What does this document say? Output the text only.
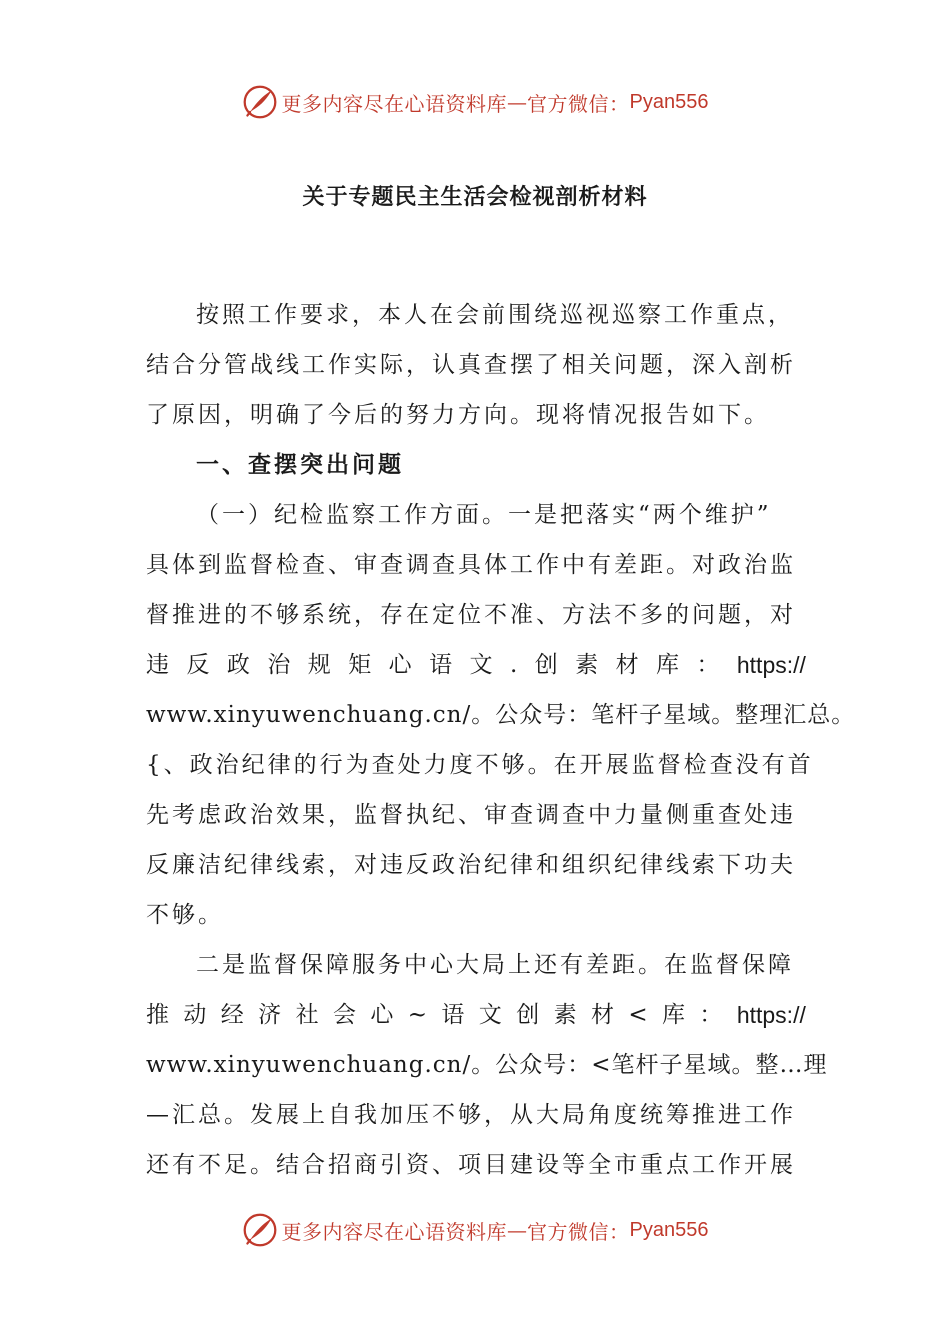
更多内容尽在心语资料库 — 官方微信： Pyan556
关于专题民主生活会检视剖析材料
按照工作要求，本人在会前围绕巡视巡察工作重点，
结合分管战线工作实际，认真查摆了相关问题，深入剖析
了原因，明确了今后的努力方向。现将情况报告如下。
一、查摆突出问题
（一）纪检监察工作方面。一是把落实“两个维护”
具体到监督检查、审查调查具体工作中有差距。对政治监
督推进的不够系统，存在定位不准、方法不多的问题，对
违 反 政 治 规 矩 心 语 文 . 创 素 材 库 ： https://
www.xinyuwenchuang.cn/。公众号：笔杆子星域。整理汇总。
{、政治纪律的行为查处力度不够。在开展监督检查没有首
先考虑政治效果，监督执纪、审查调查中力量侧重查处违
反廉洁纪律线索，对违反政治纪律和组织纪律线索下功夫
不够。
二是监督保障服务中心大局上还有差距。在监督保障
推 动 经 济 社 会 心 ~ 语 文 创 素 材 < 库 ： https://
www.xinyuwenchuang.cn/。公众号：<笔杆子星域。整…理
—汇总。发展上自我加压不够，从大局角度统筹推进工作
还有不足。结合招商引资、项目建设等全市重点工作开展
更多内容尽在心语资料库 — 官方微信： Pyan556
